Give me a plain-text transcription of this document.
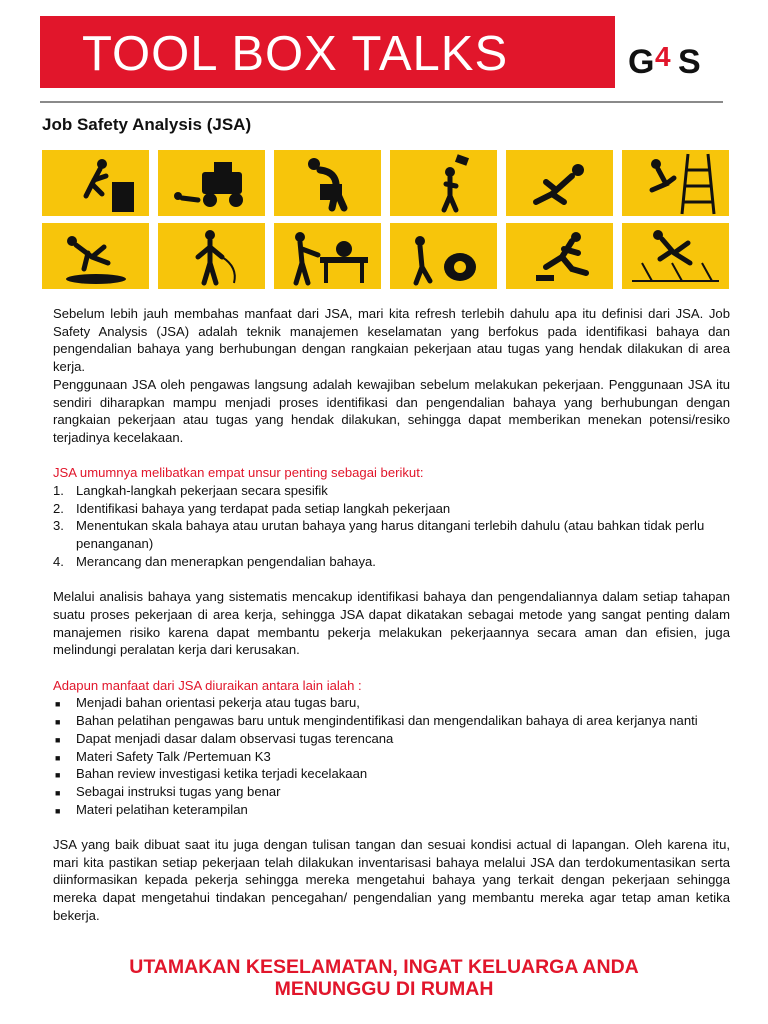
TOOL BOX TALKS	G 4 S
Job Safety Analysis (JSA)

Sebelum lebih jauh membahas manfaat dari JSA, mari kita refresh terlebih dahulu apa itu definisi dari JSA. Job Safety Analysis (JSA) adalah teknik manajemen keselamatan yang berfokus pada identifikasi bahaya dan pengendalian bahaya yang berhubungan dengan rangkaian pekerjaan atau tugas yang hendak dilakukan di area kerja.

Penggunaan JSA oleh pengawas langsung adalah kewajiban sebelum melakukan pekerjaan. Penggunaan JSA itu sendiri diharapkan mampu menjadi proses identifikasi dan pengendalian bahaya yang berhubungan dengan rangkaian pekerjaan atau tugas yang hendak dilakukan, sehingga dapat memberikan menekan potensi/resiko terjadinya kecelakaan.

JSA umumnya melibatkan empat unsur penting sebagai berikut:

1. Langkah-langkah pekerjaan secara spesifik
2. Identifikasi bahaya yang terdapat pada setiap langkah pekerjaan
3. Menentukan skala bahaya atau urutan bahaya yang harus ditangani terlebih dahulu (atau bahkan tidak perlu penanganan)
4. Merancang dan menerapkan pengendalian bahaya.

Melalui analisis bahaya yang sistematis mencakup identifikasi bahaya dan pengendaliannya dalam setiap tahapan suatu proses pekerjaan di area kerja, sehingga JSA dapat dikatakan sebagai metode yang sangat penting dalam manajemen risiko karena dapat membantu pekerja melakukan pekerjaannya secara aman dan efisien, juga melindungi peralatan kerja dari kerusakan.

Adapun manfaat dari JSA diuraikan antara lain ialah :

■ Menjadi bahan orientasi pekerja atau tugas baru,
■ Bahan pelatihan pengawas baru untuk mengindentifikasi dan mengendalikan bahaya di area kerjanya nanti
■ Dapat menjadi dasar dalam observasi tugas terencana
■ Materi Safety Talk /Pertemuan K3
■ Bahan review investigasi ketika terjadi kecelakaan
■ Sebagai instruksi tugas yang benar
■ Materi pelatihan keterampilan

JSA yang baik dibuat saat itu juga dengan tulisan tangan dan sesuai kondisi actual di lapangan. Oleh karena itu, mari kita pastikan setiap pekerjaan telah dilakukan inventarisasi bahaya melalui JSA dan terdokumentasikan serta diinformasikan kepada pekerja sehingga mereka mengetahui bahaya yang terkait dengan pekerjaan sehingga mereka dapat mengetahui tindakan pencegahan/ pengendalian yang membantu mereka agar tetap aman ketika bekerja.

UTAMAKAN KESELAMATAN, INGAT KELUARGA ANDA
MENUNGGU DI RUMAH
